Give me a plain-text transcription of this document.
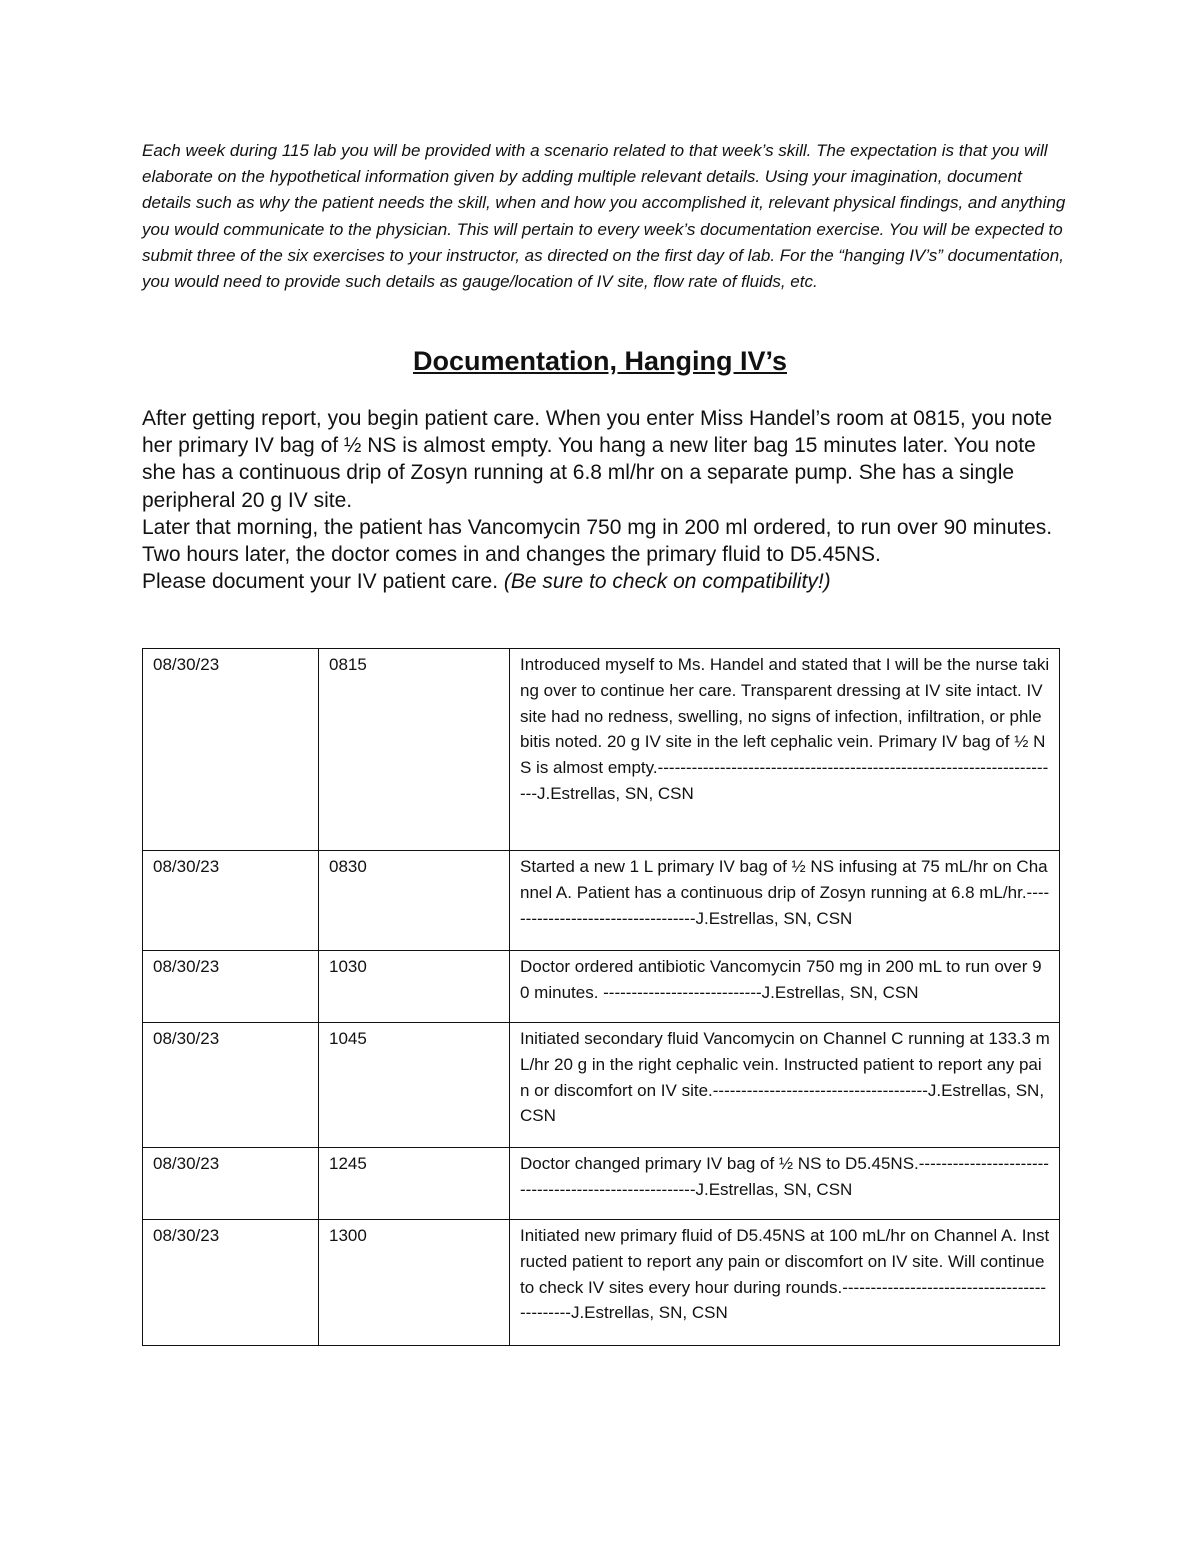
Each week during 115 lab you will be provided with a scenario related to that week’s skill. The expectation is that you will elaborate on the hypothetical information given by adding multiple relevant details. Using your imagination, document details such as why the patient needs the skill, when and how you accomplished it, relevant physical findings, and anything you would communicate to the physician. This will pertain to every week’s documentation exercise. You will be expected to submit three of the six exercises to your instructor, as directed on the first day of lab. For the “hanging IV’s” documentation, you would need to provide such details as gauge/location of IV site, flow rate of fluids, etc.

Documentation, Hanging IV’s

After getting report, you begin patient care. When you enter Miss Handel’s room at 0815, you note her primary IV bag of ½ NS is almost empty. You hang a new liter bag 15 minutes later. You note she has a continuous drip of Zosyn running at 6.8 ml/hr on a separate pump. She has a single peripheral 20 g IV site.

Later that morning, the patient has Vancomycin 750 mg in 200 ml ordered, to run over 90 minutes.

Two hours later, the doctor comes in and changes the primary fluid to D5.45NS.

Please document your IV patient care. (Be sure to check on compatibility!)

08/30/23	0815	Introduced myself to Ms. Handel and stated that I will be the nurse taking over to continue her care. Transparent dressing at IV site intact. IV site had no redness, swelling, no signs of infection, infiltration, or phlebitis noted. 20 g IV site in the left cephalic vein. Primary IV bag of ½ NS is almost empty.------------------------------------------------------------------------J.Estrellas, SN, CSN
08/30/23	0830	Started a new 1 L primary IV bag of ½ NS infusing at 75 mL/hr on Channel A. Patient has a continuous drip of Zosyn running at 6.8 mL/hr.-----------------------------------J.Estrellas, SN, CSN
08/30/23	1030	Doctor ordered antibiotic Vancomycin 750 mg in 200 mL to run over 90 minutes. ----------------------------J.Estrellas, SN, CSN
08/30/23	1045	Initiated secondary fluid Vancomycin on Channel C running at 133.3 mL/hr 20 g in the right cephalic vein. Instructed patient to report any pain or discomfort on IV site.--------------------------------------J.Estrellas, SN, CSN
08/30/23	1245	Doctor changed primary IV bag of ½ NS to D5.45NS.------------------------------------------------------J.Estrellas, SN, CSN
08/30/23	1300	Initiated new primary fluid of D5.45NS at 100 mL/hr on Channel A. Instructed patient to report any pain or discomfort on IV site. Will continue to check IV sites every hour during rounds.---------------------------------------------J.Estrellas, SN, CSN
